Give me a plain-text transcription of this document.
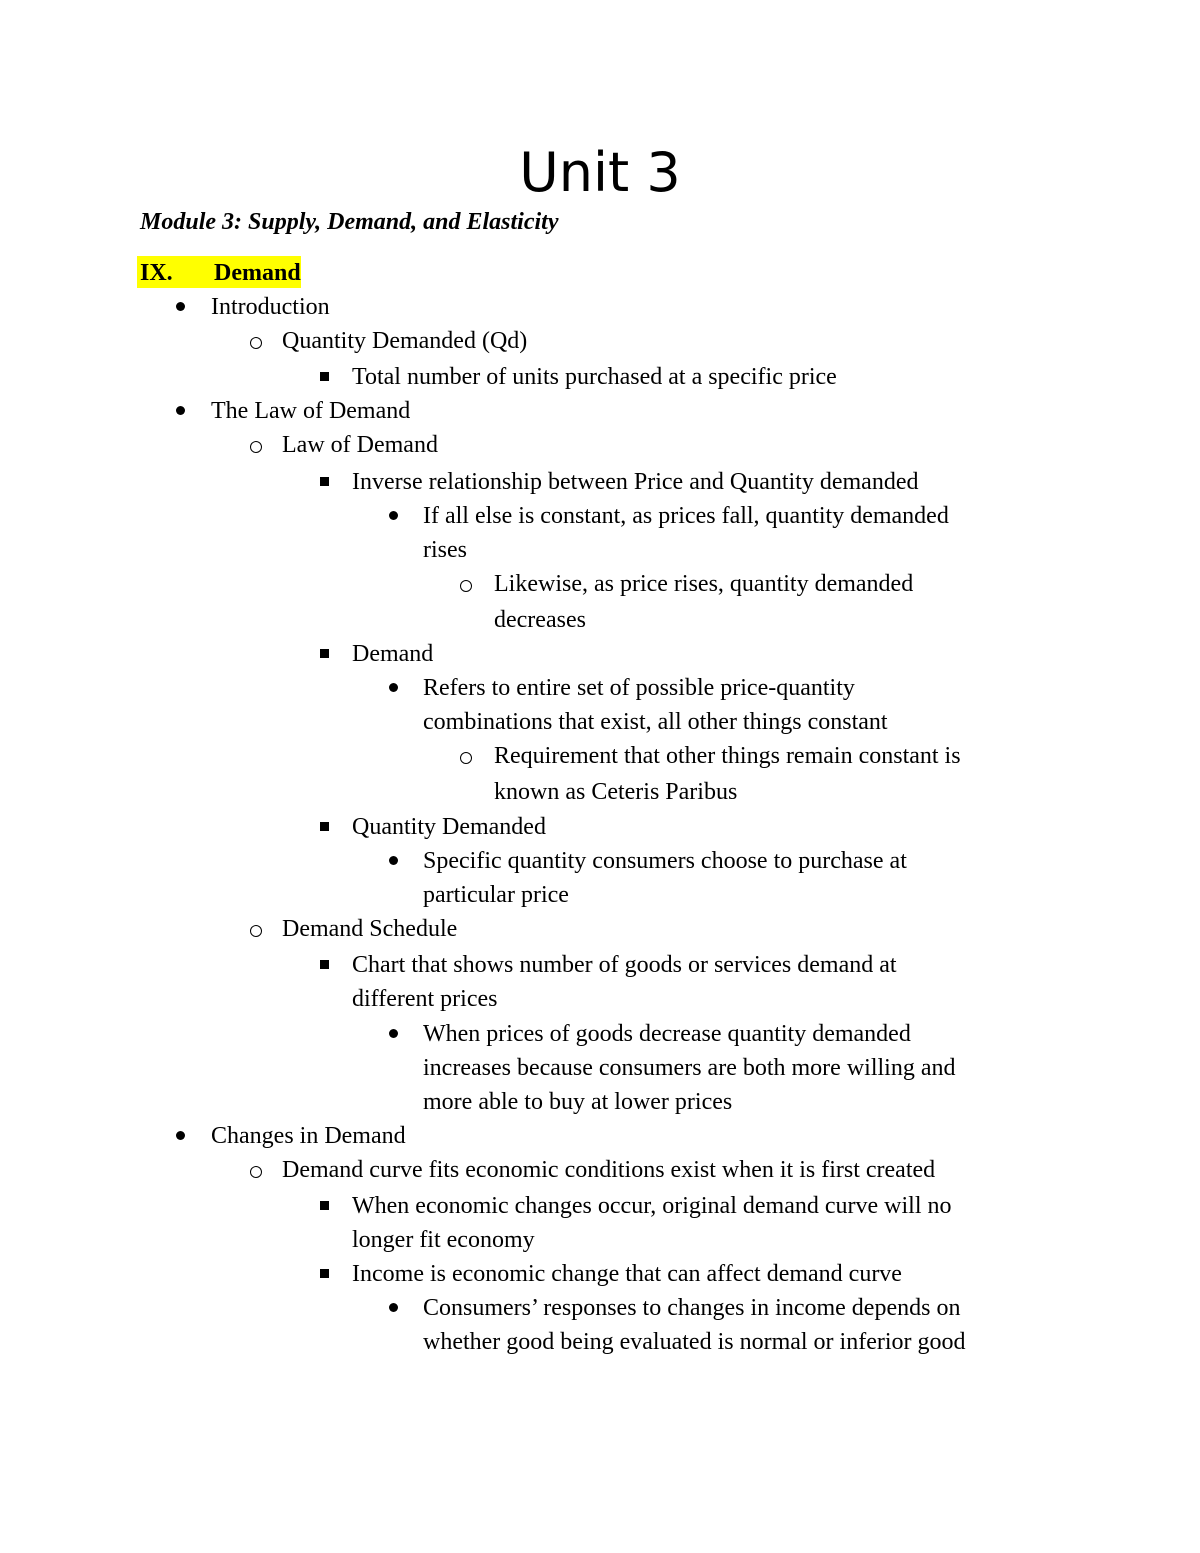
Unit 3

Module 3: Supply, Demand, and Elasticity

IX. Demand

Introduction

Quantity Demanded (Qd)

Total number of units purchased at a specific price

The Law of Demand

Law of Demand

Inverse relationship between Price and Quantity demanded

If all else is constant, as prices fall, quantity demanded

rises

Likewise, as price rises, quantity demanded

decreases

Demand

Refers to entire set of possible price-quantity

combinations that exist, all other things constant

Requirement that other things remain constant is

known as Ceteris Paribus

Quantity Demanded

Specific quantity consumers choose to purchase at

particular price

Demand Schedule

Chart that shows number of goods or services demand at

different prices

When prices of goods decrease quantity demanded

increases because consumers are both more willing and

more able to buy at lower prices

Changes in Demand

Demand curve fits economic conditions exist when it is first created

When economic changes occur, original demand curve will no

longer fit economy

Income is economic change that can affect demand curve

Consumers’ responses to changes in income depends on

whether good being evaluated is normal or inferior good
